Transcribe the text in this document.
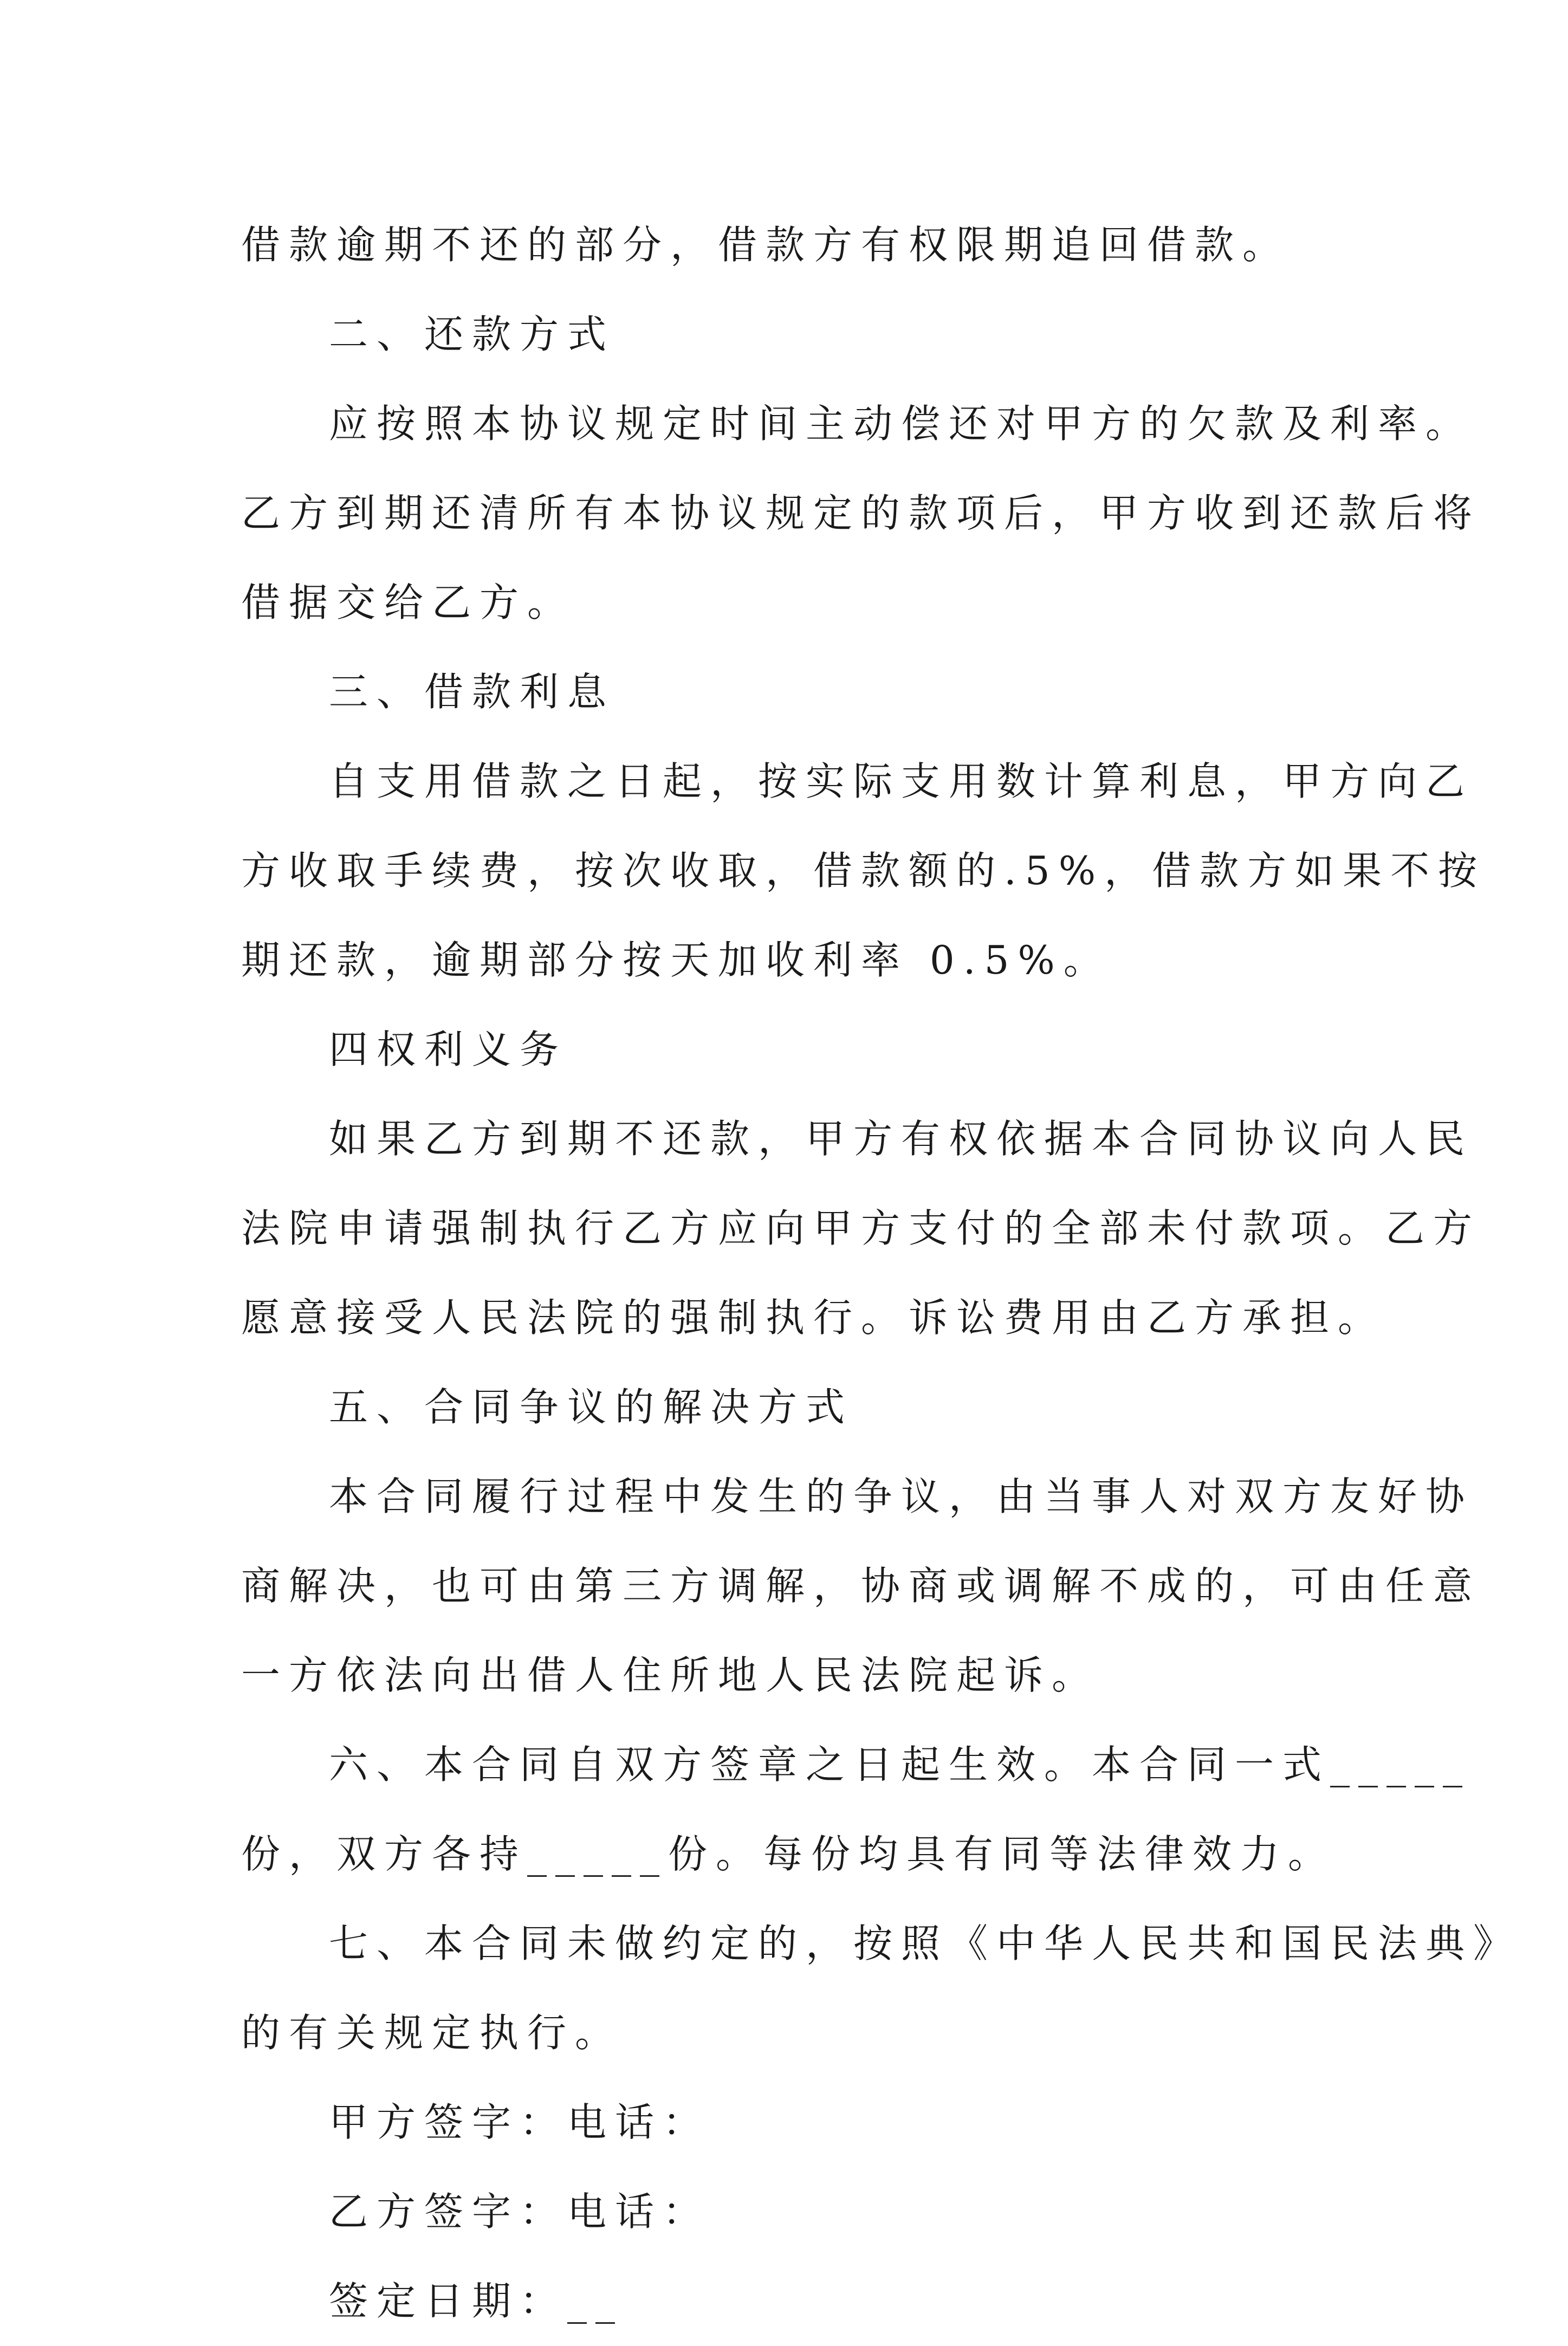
借款逾期不还的部分，借款方有权限期追回借款。
二、还款方式
应按照本协议规定时间主动偿还对甲方的欠款及利率。
乙方到期还清所有本协议规定的款项后，甲方收到还款后将
借据交给乙方。
三、借款利息
自支用借款之日起，按实际支用数计算利息，甲方向乙
方收取手续费，按次收取，借款额的.5%，借款方如果不按
期还款，逾期部分按天加收利率 0.5%。
四权利义务
如果乙方到期不还款，甲方有权依据本合同协议向人民
法院申请强制执行乙方应向甲方支付的全部未付款项。乙方
愿意接受人民法院的强制执行。诉讼费用由乙方承担。
五、合同争议的解决方式
本合同履行过程中发生的争议，由当事人对双方友好协
商解决，也可由第三方调解，协商或调解不成的，可由任意
一方依法向出借人住所地人民法院起诉。
六、本合同自双方签章之日起生效。本合同一式_____
份，双方各持_____份。每份均具有同等法律效力。
七、本合同未做约定的，按照《中华人民共和国民法典》
的有关规定执行。
甲方签字：电话：
乙方签字：电话：
签定日期：__
